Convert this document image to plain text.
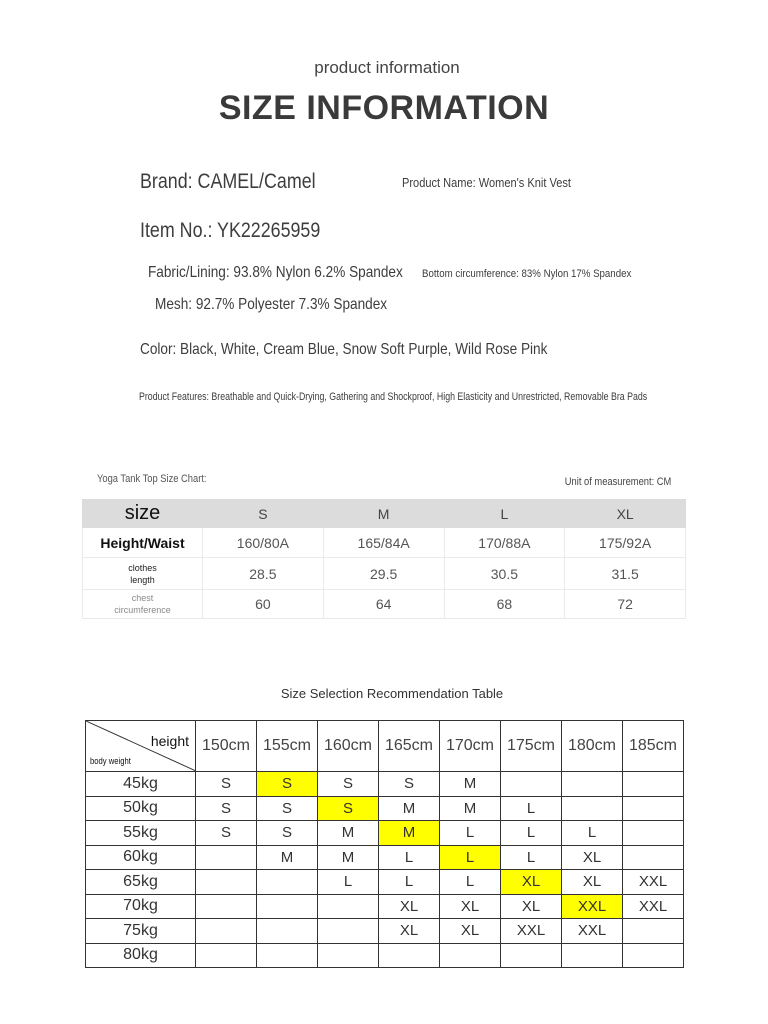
product information
SIZE INFORMATION
Brand: CAMEL/Camel	Product Name: Women's Knit Vest
Item No.: YK22265959
Fabric/Lining: 93.8% Nylon 6.2% Spandex Bottom circumference: 83% Nylon 17% Spandex
Mesh: 92.7% Polyester 7.3% Spandex
Color: Black, White, Cream Blue, Snow Soft Purple, Wild Rose Pink
Product Features: Breathable and Quick-Drying, Gathering and Shockproof, High Elasticity and Unrestricted, Removable Bra Pads
Yoga Tank Top Size Chart:	Unit of measurement: CM
size	S	M	L	XL
Height/Waist	160/80A	165/84A	170/88A	175/92A

clothes
length	28.5	29.5	30.5	31.5

chest
circumference	60	64	68	72
Size Selection Recommendation Table
height
body weight	150cm	155cm	160cm	165cm	170cm	175cm	180cm	185cm
45kg	S	S	S	S	M			
50kg	S	S	S	M	M	L		
55kg	S	S	M	M	L	L	L	
60kg		M	M	L	L	L	XL	
65kg			L	L	L	XL	XL	XXL
70kg				XL	XL	XL	XXL	XXL
75kg				XL	XL	XXL	XXL	
80kg								
